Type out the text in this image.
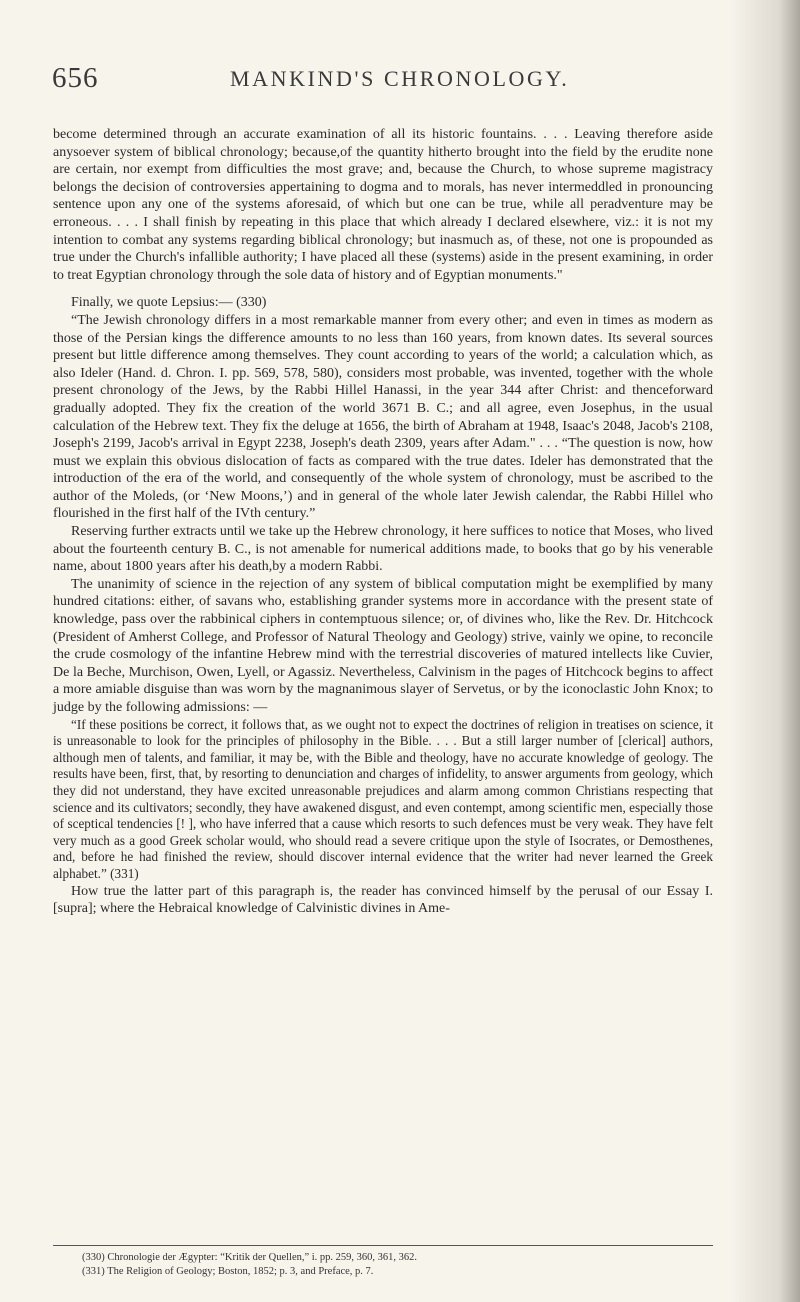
656	MANKIND'S CHRONOLOGY.

become determined through an accurate examination of all its historic fountains. . . . Leaving therefore aside anysoever system of biblical chronology; because,of the quantity hitherto brought into the field by the erudite none are certain, nor exempt from difficulties the most grave; and, because the Church, to whose supreme magistracy belongs the decision of controversies appertaining to dogma and to morals, has never intermeddled in pronouncing sentence upon any one of the systems aforesaid, of which but one can be true, while all peradventure may be erroneous. . . . I shall finish by repeating in this place that which already I declared elsewhere, viz.: it is not my intention to combat any systems regarding biblical chronology; but inasmuch as, of these, not one is propounded as true under the Church's infallible authority; I have placed all these (systems) aside in the present examining, in order to treat Egyptian chronology through the sole data of history and of Egyptian monuments."

Finally, we quote Lepsius:— (330)

“The Jewish chronology differs in a most remarkable manner from every other; and even in times as modern as those of the Persian kings the difference amounts to no less than 160 years, from known dates. Its several sources present but little difference among themselves. They count according to years of the world; a calculation which, as also Ideler (Hand. d. Chron. I. pp. 569, 578, 580), considers most probable, was invented, together with the whole present chronology of the Jews, by the Rabbi Hillel Hanassi, in the year 344 after Christ: and thenceforward gradually adopted. They fix the creation of the world 3671 B. C.; and all agree, even Josephus, in the usual calculation of the Hebrew text. They fix the deluge at 1656, the birth of Abraham at 1948, Isaac's 2048, Jacob's 2108, Joseph's 2199, Jacob's arrival in Egypt 2238, Joseph's death 2309, years after Adam." . . . “The question is now, how must we explain this obvious dislocation of facts as compared with the true dates. Ideler has demonstrated that the introduction of the era of the world, and consequently of the whole system of chronology, must be ascribed to the author of the Moleds, (or ‘New Moons,’) and in general of the whole later Jewish calendar, the Rabbi Hillel who flourished in the first half of the IVth century.”

Reserving further extracts until we take up the Hebrew chronology, it here suffices to notice that Moses, who lived about the fourteenth century B. C., is not amenable for numerical additions made, to books that go by his venerable name, about 1800 years after his death,by a modern Rabbi.

The unanimity of science in the rejection of any system of biblical computation might be exemplified by many hundred citations: either, of savans who, establishing grander systems more in accordance with the present state of knowledge, pass over the rabbinical ciphers in contemptuous silence; or, of divines who, like the Rev. Dr. Hitchcock (President of Amherst College, and Professor of Natural Theology and Geology) strive, vainly we opine, to reconcile the crude cosmology of the infantine Hebrew mind with the terrestrial discoveries of matured intellects like Cuvier, De la Beche, Murchison, Owen, Lyell, or Agassiz. Nevertheless, Calvinism in the pages of Hitchcock begins to affect a more amiable disguise than was worn by the magnanimous slayer of Servetus, or by the iconoclastic John Knox; to judge by the following admissions: —

“If these positions be correct, it follows that, as we ought not to expect the doctrines of religion in treatises on science, it is unreasonable to look for the principles of philosophy in the Bible. . . . But a still larger number of [clerical] authors, although men of talents, and familiar, it may be, with the Bible and theology, have no accurate knowledge of geology. The results have been, first, that, by resorting to denunciation and charges of infidelity, to answer arguments from geology, which they did not understand, they have excited unreasonable prejudices and alarm among common Christians respecting that science and its cultivators; secondly, they have awakened disgust, and even contempt, among scientific men, especially those of sceptical tendencies [! ], who have inferred that a cause which resorts to such defences must be very weak. They have felt very much as a good Greek scholar would, who should read a severe critique upon the style of Isocrates, or Demosthenes, and, before he had finished the review, should discover internal evidence that the writer had never learned the Greek alphabet.” (331)

How true the latter part of this paragraph is, the reader has convinced himself by the perusal of our Essay I. [supra]; where the Hebraical knowledge of Calvinistic divines in Ame-

(330) Chronologie der Ægypter: “Kritik der Quellen,” i. pp. 259, 360, 361, 362.

(331) The Religion of Geology; Boston, 1852; p. 3, and Preface, p. 7.
